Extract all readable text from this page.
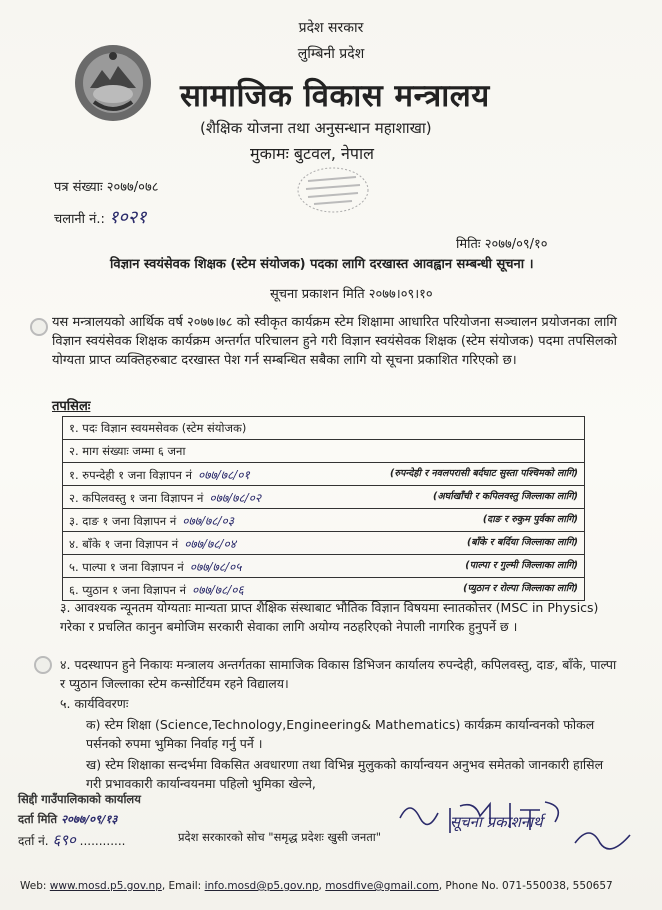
प्रदेश सरकार
लुम्बिनी प्रदेश
सामाजिक विकास मन्त्रालय
(शैक्षिक योजना तथा अनुसन्धान महाशाखा)
मुकामः बुटवल, नेपाल
पत्र संख्याः २०७७/०७८
चलानी नं.: १०२१
मितिः २०७७/०९/१०
विज्ञान स्वयंसेवक शिक्षक (स्टेम संयोजक) पदका लागि दरखास्त आवह्वान सम्बन्धी सूचना ।
सूचना प्रकाशन मिति २०७७।०९।१०
यस मन्त्रालयको आर्थिक वर्ष २०७७।७८ को स्वीकृत कार्यक्रम स्टेम शिक्षामा आधारित परियोजना सञ्चालन प्रयोजनका लागि विज्ञान स्वयंसेवक शिक्षक कार्यक्रम अन्तर्गत परिचालन हुने गरी विज्ञान स्वयंसेवक शिक्षक (स्टेम संयोजक) पदमा तपसिलको योग्यता प्राप्त व्यक्तिहरुबाट दरखास्त पेश गर्न सम्बन्धित सबैका लागि यो सूचना प्रकाशित गरिएको छ।
तपसिलः
१. पदः विज्ञान स्वयमसेवक (स्टेम संयोजक)
२. माग संख्याः जम्मा ६ जना
१. रुपन्देही १ जना विज्ञापन नं ०७७/७८/०१	(रुपन्देही र नवलपरासी बर्दघाट सुस्ता पश्चिमको लागि)

२. कपिलवस्तु १ जना विज्ञापन नं ०७७/७८/०२	(अर्घाखाँची र कपिलवस्तु जिल्लाका लागि)

३. दाङ १ जना विज्ञापन नं ०७७/७८/०३	(दाङ र रुकुम पुर्वका लागि)

४. बाँके १ जना विज्ञापन नं ०७७/७८/०४	(बाँके र बर्दिया जिल्लाका लागि)

५. पाल्पा १ जना विज्ञापन नं ०७७/७८/०५	(पाल्पा र गुल्मी जिल्लाका लागि)

६. प्युठान १ जना विज्ञापन नं ०७७/७८/०६	(प्युठान र रोल्पा जिल्लाका लागि)
३. आवश्यक न्यूनतम योग्यताः मान्यता प्राप्त शैक्षिक संस्थाबाट भौतिक विज्ञान विषयमा स्नातकोत्तर (MSC in Physics) गरेका र प्रचलित कानुन बमोजिम सरकारी सेवाका लागि अयोग्य नठहरिएको नेपाली नागरिक हुनुपर्ने छ ।
४. पदस्थापन हुने निकायः मन्त्रालय अन्तर्गतका सामाजिक विकास डिभिजन कार्यालय रुपन्देही, कपिलवस्तु, दाङ, बाँके, पाल्पा र प्युठान जिल्लाका स्टेम कन्सोर्टियम रहने विद्यालय।
५. कार्यविवरणः
क) स्टेम शिक्षा (Science,Technology,Engineering& Mathematics) कार्यक्रम कार्यान्वनको फोकल पर्सनको रुपमा भुमिका निर्वाह गर्नु पर्ने ।
ख) स्टेम शिक्षाका सन्दर्भमा विकसित अवधारणा तथा विभिन्न मुलुकको कार्यान्वयन अनुभव समेतको जानकारी हासिल गरी प्रभावकारी कार्यान्वयनमा पहिलो भुमिका खेल्ने,
सिद्दी गाउँपालिकाको कार्यालय
दर्ता मिति २०७७/०९/१३
दर्ता नं. ६९० ............	प्रदेश सरकारको सोच "समृद्ध प्रदेशः खुसी जनता"
सूचना प्रकाशनार्थ
Web: www.mosd.p5.gov.np, Email: info.mosd@p5.gov.np, mosdfive@gmail.com, Phone No. 071-550038, 550657
